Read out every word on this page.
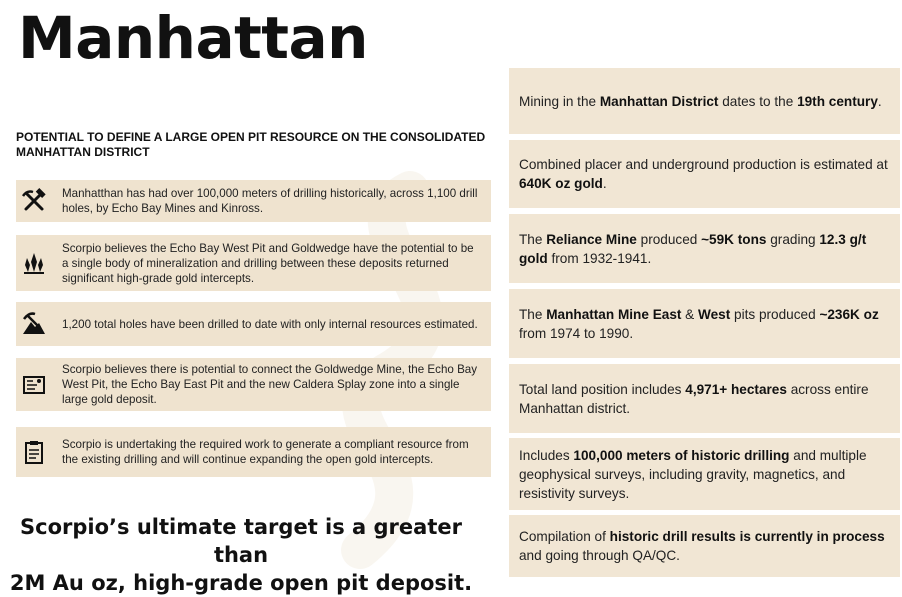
Manhattan
POTENTIAL TO DEFINE A LARGE OPEN PIT RESOURCE ON THE CONSOLIDATED MANHATTAN DISTRICT
Manhatthan has had over 100,000 meters of drilling historically, across 1,100 drill holes, by Echo Bay Mines and Kinross.
Scorpio believes the Echo Bay West Pit and Goldwedge have the potential to be a single body of mineralization and drilling between these deposits returned significant high-grade gold intercepts.
1,200 total holes have been drilled to date with only internal resources estimated.
Scorpio believes there is potential to connect the Goldwedge Mine, the Echo Bay West Pit, the Echo Bay East Pit and the new Caldera Splay zone into a single large gold deposit.
Scorpio is undertaking the required work to generate a compliant resource from the existing drilling and will continue expanding the open gold intercepts.
Scorpio’s ultimate target is a greater than
2M Au oz, high-grade open pit deposit.
Mining in the Manhattan District dates to the 19th century.
Combined placer and underground production is estimated at 640K oz gold.
The Reliance Mine produced ~59K tons grading 12.3 g/t gold from 1932-1941.
The Manhattan Mine East & West pits produced ~236K oz from 1974 to 1990.
Total land position includes 4,971+ hectares across entire Manhattan district.
Includes 100,000 meters of historic drilling and multiple geophysical surveys, including gravity, magnetics, and resistivity surveys.
Compilation of historic drill results is currently in process and going through QA/QC.
